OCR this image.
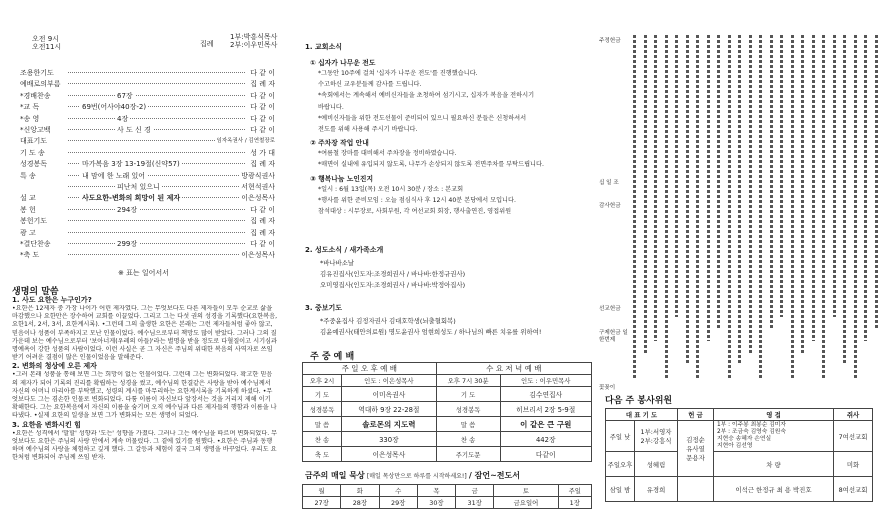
오전 9시
오전11시	집례
1부:박흥식목사
2부:이우민목사
조용한기도	다 같 이
예배로의부름	집 례 자
*경배찬송	67장	다 같 이
*교 독	69번(어사야40장-2)	다 같 이
*송 영	4장	다 같 이
*신앙고백	사 도 신 경	다 같 이
대표기도	임자옥권사 / 김연철장로
기 도 송	성 가 대
성경봉독	마가복음 3장 13-19절(신약57)	집 례 자
특 송	내 맘에 한 노래 있어	방광식권사
피난처 있으니	서현석권사
설 교	사도요한-변화의 희망이 된 제자	이은성목사
봉 헌	294장	다 같 이
봉헌기도	집 례 자
광 고	집 례 자
*결단찬송	299장	다 같 이
*축 도	이은성목사
※ 표는 일어서서
생명의 말씀
1. 사도 요한은 누구인가?
•요한은 12제자 중 가장 나이가 어린 제자였다. 그는 무엇보다도 다른 제자들이 모두 순교로 삶을 마감했으나 요한만은 장수하여 교회를 이끌었다. 그리고 그는 다섯 권의 성경을 기록했다(요한복음, 요한1서, 2서, 3서, 요한계시록). •그런데 그의 출생한 요한은 본래는 그런 제자들처럼 좋아 않고, 믿음이나 성품이 부족하지고 모난 인물이었다. 예수님으로부터 책망도 많이 받았다. 그러나 그의 질 가운데 보는 예수님으로부터 '보아너게(우레의 아들)'라는 별명을 받을 정도로 다혈질이고 시기심과 명예욕이 강한 성품의 사람이었다. 이런 사실은 곧 그 자신은 주님의 위대한 복음의 사역자로 쓰임 받기 어려운 결점이 많은 인물이었음을 말해준다.
2. 변화의 청상에 오른 제자
•그러 본래 성품을 통해 보면 그는 희망이 없는 인물이었다. 그런데 그는 변화되었다. 확고한 믿음의 제자가 되어 기록의 진리를 확립하는 성경을 썼고, 예수님의 한결같은 사랑을 받아 예수님께서 자신의 어머니 마리아를 부탁했고, 성령의 계시를 마무리하는 요한계시록을 기록하게 하셨다. •무엇보다도 그는 겸손한 인물로 변화되었다. 다툼 이름이 자신보다 앞장서는 것을 거리지 제해 이기 확해한다. 그는 요한복음에서 자신의 이름을 숨기며 오직 예수님과 다른 제자들의 행함과 이름을 나타냈다. •실제 요한의 일생을 보면 그가 변화되는 모든 생명이 되었다.
3. 요한을 변화시킨 힘
•요한은 성격에서 '말할' 성향과 '도는' 성향을 가졌다. 그러나 그는 예수님을 따르며 변화되었다. 무엇보다도 요한은 주님의 사랑 안에서 계속 머물렀다. 그 곁에 있기를 원했다. •요한은 주님과 동행하며 예수님의 사랑을 체험하고 깊게 했다. 그 갈등과 체험이 결국 그의 생명을 바꾸었다. 우리도 요한처럼 변화되어 주님께 쓰임 받자.
1. 교회소식
① 십자가 나무운 전도
*그동안 10주에 걸쳐 '십자가 나무운 전도'를 진행했습니다.
수고하신 교우분들께 감사를 드립니다.
*속회에서는 계속해서 예비신자들을 초청하여 섬기시고, 십자가 복음을 전하시기
바랍니다.
*예비신자들을 위한 전도선물이 준비되어 있으니 필요하신 분들은 신청하셔서
전도를 위해 사용해 주시기 바랍니다.
② 주차장 작업 안내
*여름철 장마를 대비해서 주차장을 정비하였습니다.
*매면이 실내에 유입되지 않도록, 나무가 손상되지 않도록 전면주차를 부탁드립니다.
③ 행복나눔 노인진지
*일시 : 6월 13일(목) 오전 10시 30분 / 장소 : 본교회
*행사를 위한 준비모임 : 오늘 점심식사 후 12시 40분 본당에서 모입니다.
참석대상 : 시무장로, 사회부원, 각 여선교회 회장, 행사출연진, 영접위원
2. 성도소식 / 새가족소개
*바나바소날
김유진집사(인도자:조경희권사 / 바나바:한정규권사)
오미영집사(인도자:조경희권사 / 바나바:박정아집사)
3. 중보기도
*주중윤집사 김정자권사 김대호학생(뇌출혈회복)
김윤예권사(태안의료원) 명도윤권사 엄현희성도 / 하나님의 빠른 치유를 위하여!
주 중 예 배
주 일 오 후 예 배		수 요 저 녁 예 배	
오후 2시	인도 : 이은성목사	오후 7시 30분	인도 : 이우민목사
기 도	이미옥권사	기 도	김수연집사
성경봉독	역대하 9장 22-28절	성경봉독	히브리서 2장 5-9절
말 씀	솔로몬의 지도력	말 씀	이 같은 큰 구원
찬 송	330장	찬 송	442장
축 도	이은성목사	주기도문	다같이
금주의 매일 묵상 [매일 목상만으로 하루를 시작하세요!] / 잠언~전도서
월	화	수	목	금	토	주일
27장	28장	29장	30장	31장	금요일어	1장
주정헌금
십 일 조
감사헌금
선교헌금
구제헌금 일한번제
꽃꽂이
다음 주 봉사위원
대 표 기 도		헌 금	영 접	쥐사
주일 낮	1부:서영자
2부:강흥식	김정순
유사열
문용자	1부 : 이주봉 최봉순 김미자
2부 : 조금숙 김영숙 김원숙
지현승 송혜자 손연실
지현아 김선영	7여선교회
주일오후	성혜림		차 량	미화
삼일 밤	유경희		이석근 한정규 최 용 박진호	8여선교회
